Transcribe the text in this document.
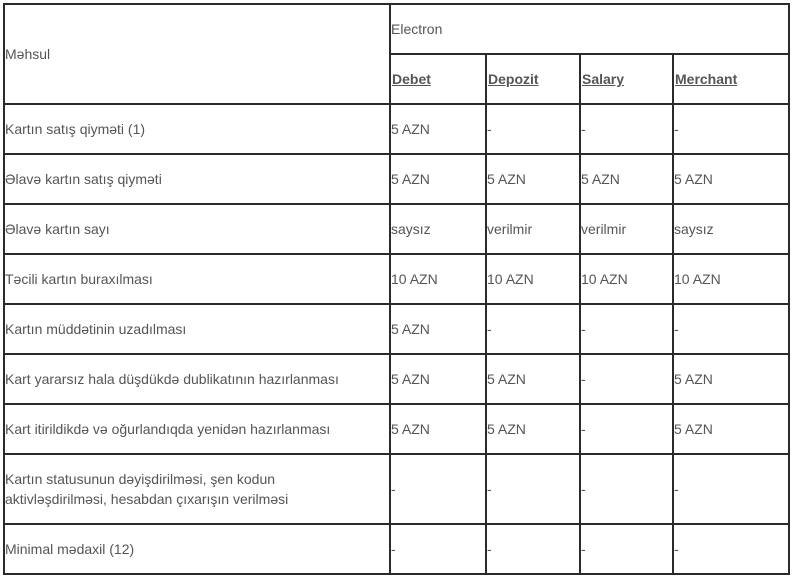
Məhsul	Electron			
	Debet	Depozit	Salary	Merchant
Kartın satış qiyməti (1)	5 AZN	-	-	-
Əlavə kartın satış qiyməti	5 AZN	5 AZN	5 AZN	5 AZN
Əlavə kartın sayı	saysız	verilmir	verilmir	saysız
Təcili kartın buraxılması	10 AZN	10 AZN	10 AZN	10 AZN
Kartın müddətinin uzadılması	5 AZN	-	-	-
Kart yararsız hala düşdükdə dublikatının hazırlanması	5 AZN	5 AZN	-	5 AZN
Kart itirildikdə və oğurlandıqda yenidən hazırlanması	5 AZN	5 AZN	-	5 AZN
Kartın statusunun dəyişdirilməsi, şen kodun
aktivləşdirilməsi, hesabdan çıxarışın verilməsi	-	-	-	-
Minimal mədaxil (12)	-	-	-	-
